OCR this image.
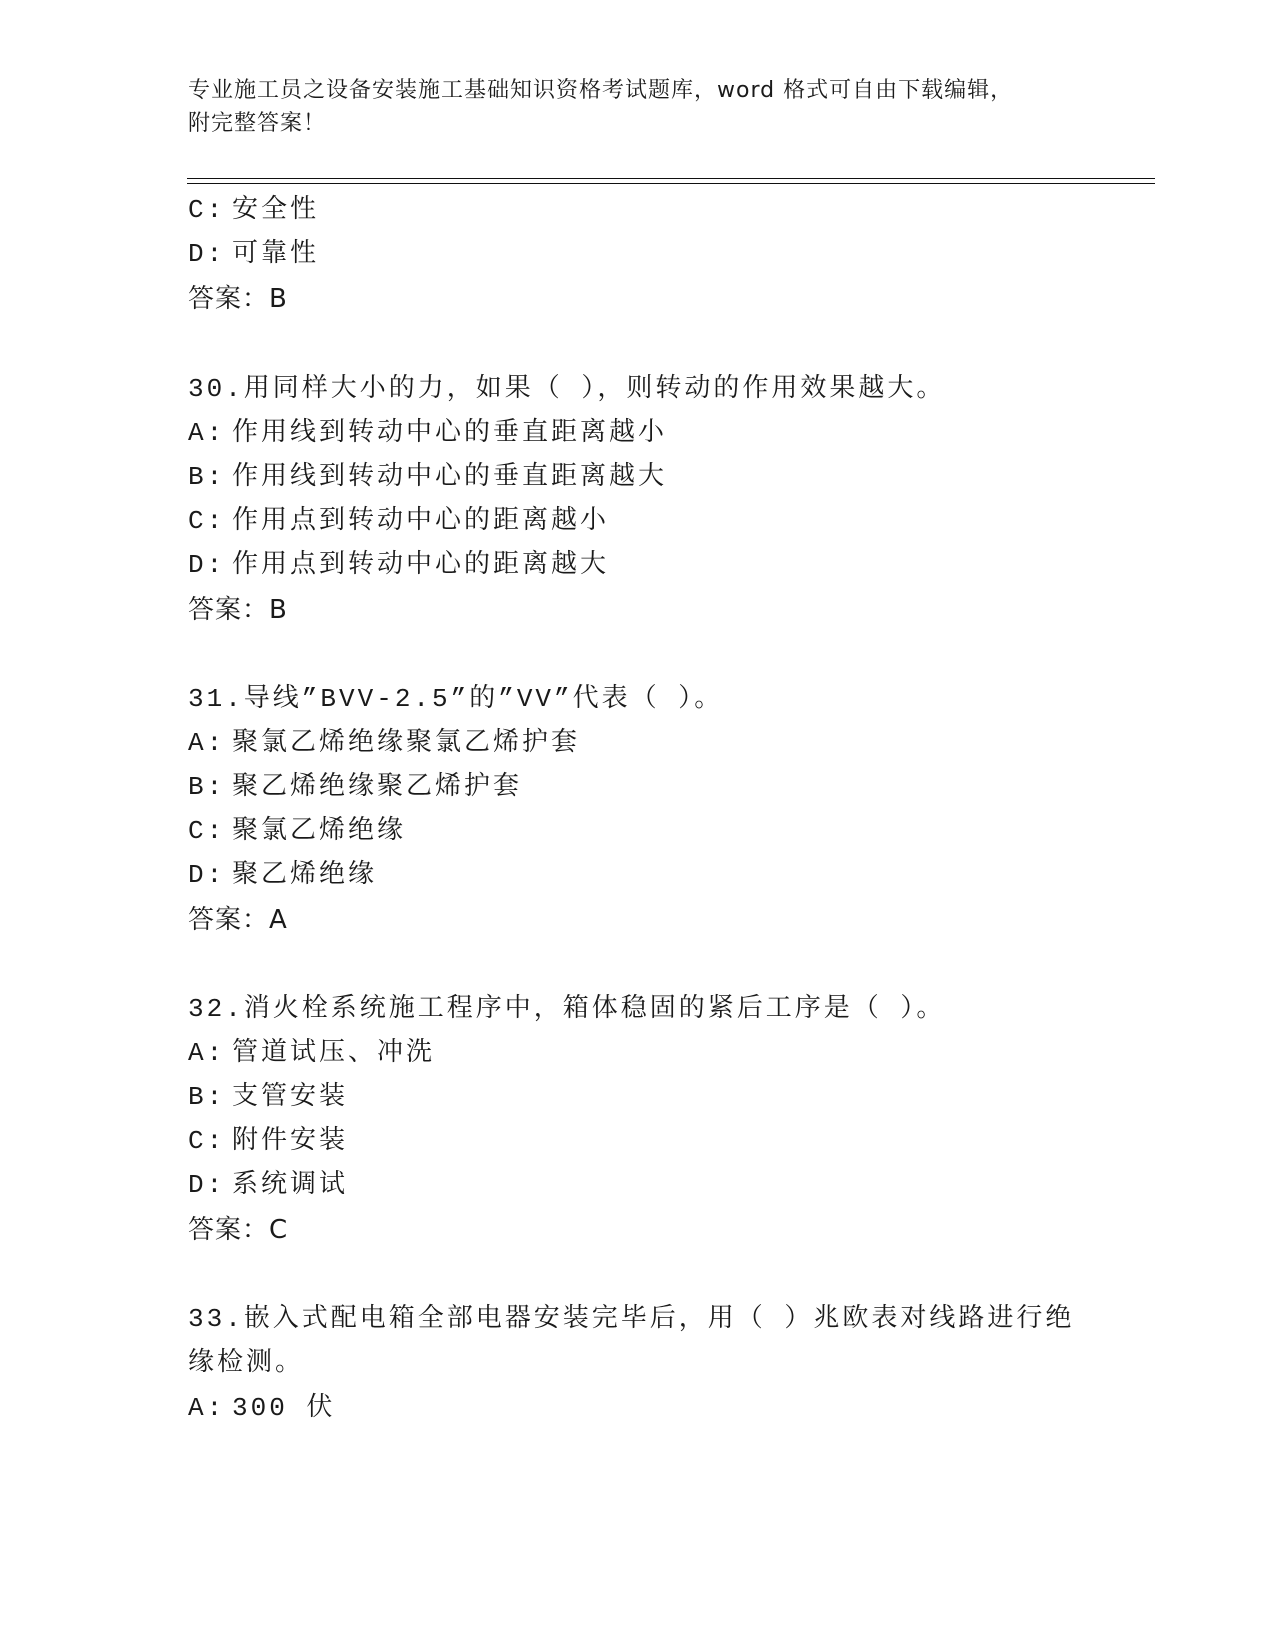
专业施工员之设备安装施工基础知识资格考试题库，word 格式可自由下载编辑，
附完整答案！
C: 安全性
D: 可靠性
答案：B
30.用同样大小的力，如果（ ），则转动的作用效果越大。
A: 作用线到转动中心的垂直距离越小
B: 作用线到转动中心的垂直距离越大
C: 作用点到转动中心的距离越小
D: 作用点到转动中心的距离越大
答案：B
31.导线”BVV-2.5”的”VV”代表（ ）。
A: 聚氯乙烯绝缘聚氯乙烯护套
B: 聚乙烯绝缘聚乙烯护套
C: 聚氯乙烯绝缘
D: 聚乙烯绝缘
答案：A
32.消火栓系统施工程序中，箱体稳固的紧后工序是（ ）。
A: 管道试压、冲洗
B: 支管安装
C: 附件安装
D: 系统调试
答案：C
33.嵌入式配电箱全部电器安装完毕后，用（ ）兆欧表对线路进行绝
缘检测。
A: 300 伏
